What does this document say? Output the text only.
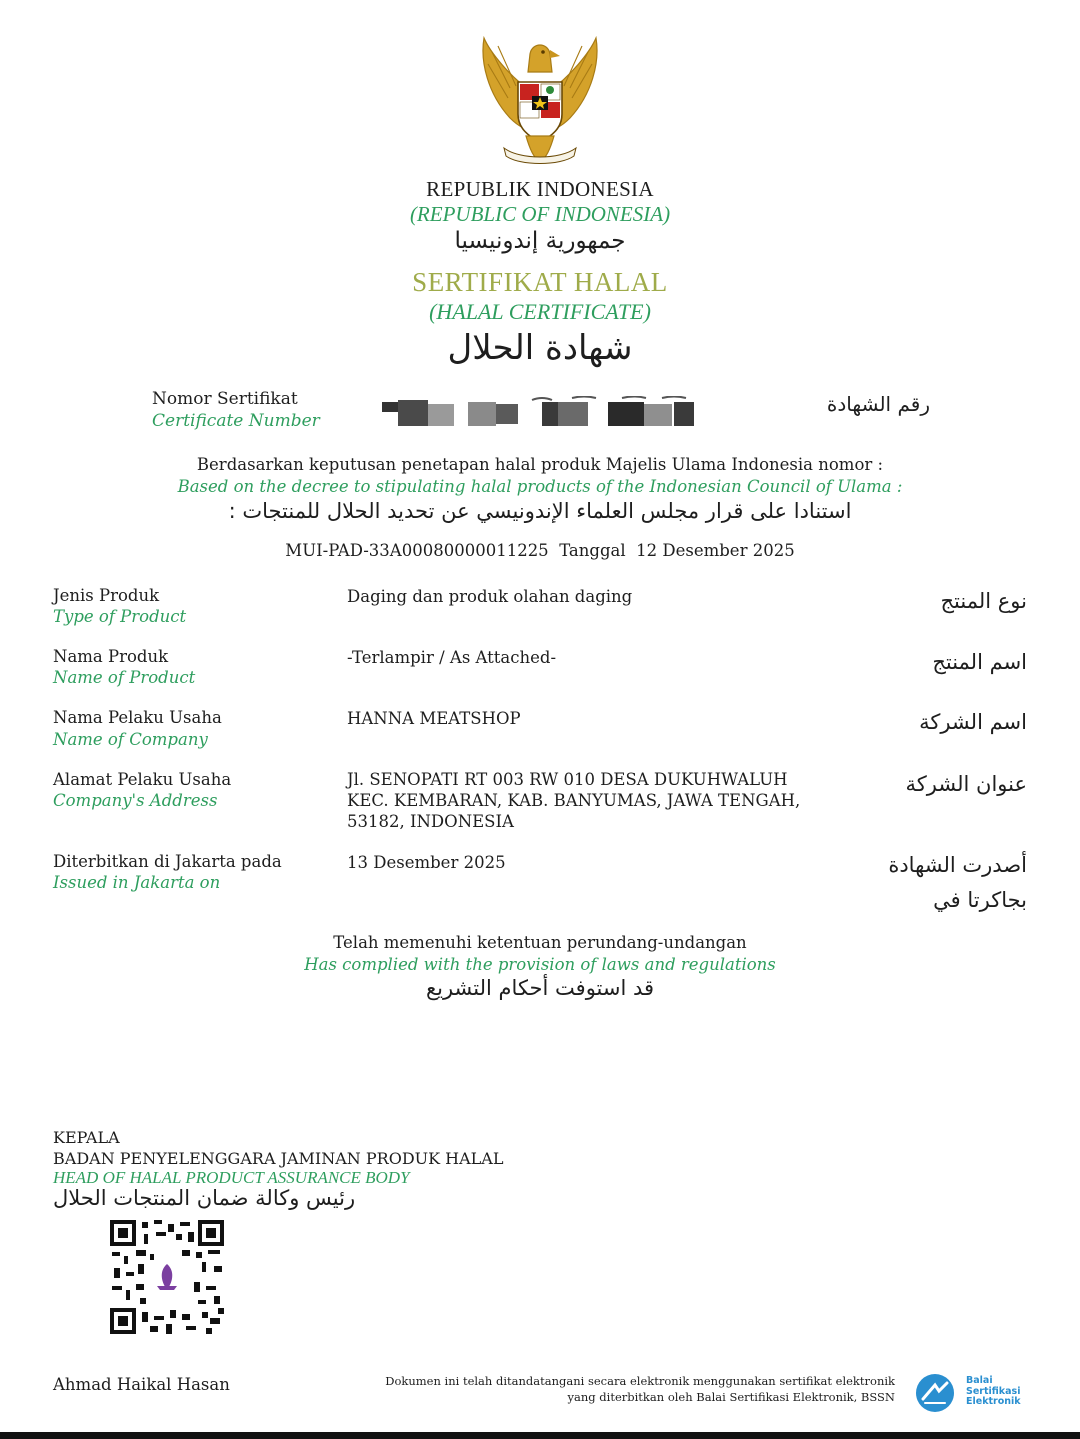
REPUBLIK INDONESIA
(REPUBLIC OF INDONESIA)
جمهورية إندونيسيا
SERTIFIKAT HALAL
(HALAL CERTIFICATE)
شهادة الحلال
Nomor Sertifikat
Certificate Number
رقم الشهادة
Berdasarkan keputusan penetapan halal produk Majelis Ulama Indonesia nomor :
Based on the decree to stipulating halal products of the Indonesian Council of Ulama :
استنادا على قرار مجلس العلماء الإندونيسي عن تحديد الحلال للمنتجات :
MUI-PAD-33A00080000011225 Tanggal 12 Desember 2025
Jenis Produk
Type of Product
Daging dan produk olahan daging	نوع المنتج
Nama Produk
Name of Product
-Terlampir / As Attached-	اسم المنتج
Nama Pelaku Usaha
Name of Company
HANNA MEATSHOP	اسم الشركة
Alamat Pelaku Usaha
Company's Address
Jl. SENOPATI RT 003 RW 010 DESA DUKUHWALUH
KEC. KEMBARAN, KAB. BANYUMAS, JAWA TENGAH,
53182, INDONESIA
عنوان الشركة
Diterbitkan di Jakarta pada
Issued in Jakarta on
13 Desember 2025	أصدرت الشهادة
بجاكرتا في
Telah memenuhi ketentuan perundang-undangan
Has complied with the provision of laws and regulations
قد استوفت أحكام التشريع
KEPALA
BADAN PENYELENGGARA JAMINAN PRODUK HALAL
HEAD OF HALAL PRODUCT ASSURANCE BODY
رئيس وكالة ضمان المنتجات الحلال
Ahmad Haikal Hasan	Dokumen ini telah ditandatangani secara elektronik menggunakan sertifikat elektronik
yang diterbitkan oleh Balai Sertifikasi Elektronik, BSSN
Balai
Sertifikasi
Elektronik
